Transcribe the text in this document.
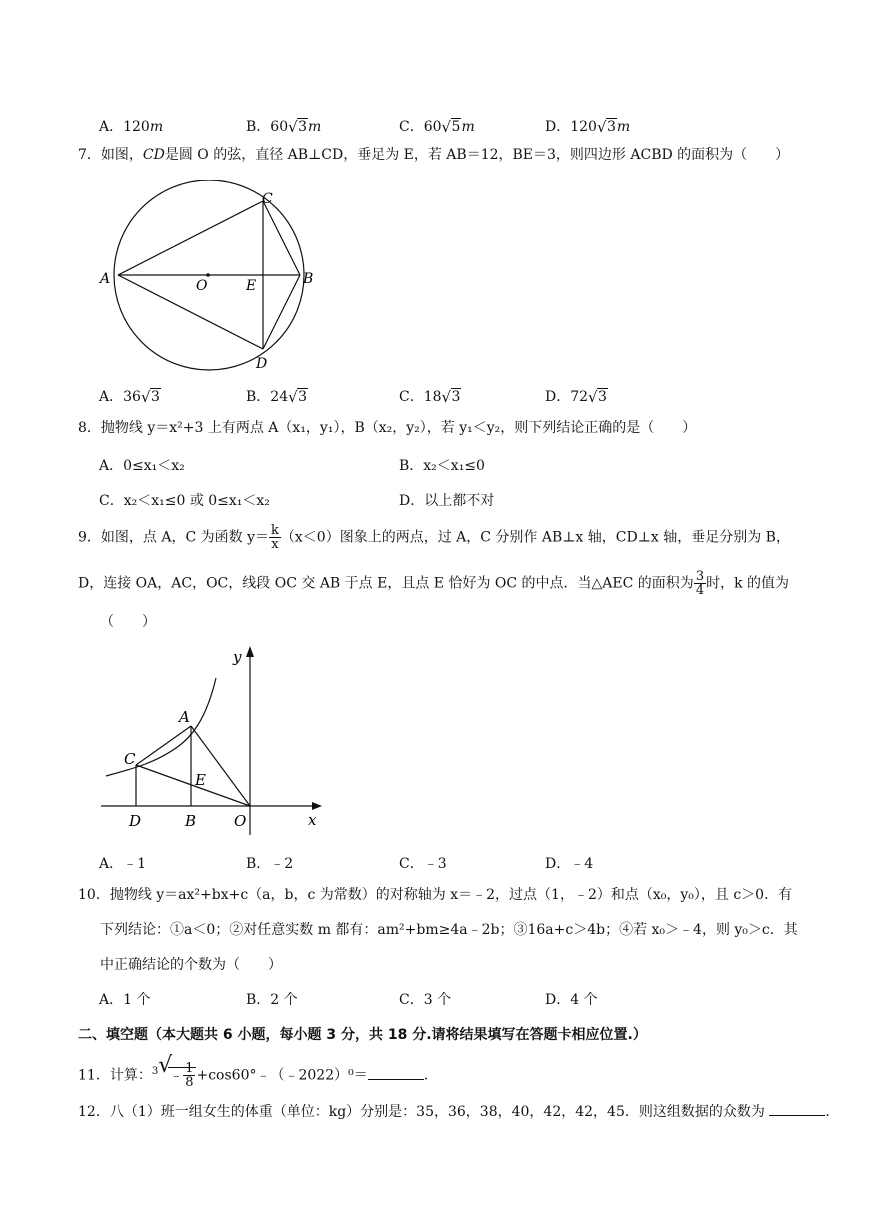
A．120m	B．60 √ 3m	C．60 √ 5m	D．120 √ 3m
7．如图，CD是圆 O 的弦，直径 AB⊥CD，垂足为 E，若 AB＝12，BE＝3，则四边形 ACBD 的面积为（　　）
A	B
C
D
O	E
A．36 √ 3	B．24 √ 3	C．18 √ 3	D．72 √ 3
8．抛物线 y＝x²+3 上有两点 A（x₁，y₁），B（x₂，y₂），若 y₁＜y₂，则下列结论正确的是（　　）
A．0≤x₁＜x₂	B．x₂＜x₁≤0
C．x₂＜x₁≤0 或 0≤x₁＜x₂	D．以上都不对
9．如图，点 A，C 为函数 $y= \frac{k}{x} (x<0)$图象上的两点，过 A，C 分别作 AB⊥x 轴，CD⊥x 轴，垂足分别为 B，
D，连接 OA，AC，OC，线段 OC 交 AB 于点 E，且点 E 恰好为 OC 的中点．当△AEC 的面积为 $\frac{3}{4}$ 时，k 的值为
（　　）
y
x
A
C
E
D	B	O
A．﹣1	B．﹣2	C．﹣3	D．﹣4
10．抛物线 y＝ax²+bx+c（a，b，c 为常数）的对称轴为 x＝﹣2，过点（1，﹣2）和点（x₀，y₀），且 c＞0．有
下列结论：①a＜0；②对任意实数 m 都有：am²+bm≥4a﹣2b；③16a+c＞4b；④若 x₀＞﹣4，则 y₀＞c．其
中正确结论的个数为（　　）
A．1 个	B．2 个	C．3 个	D．4 个
二、填空题（本大题共 6 小题，每小题 3 分，共 18 分.请将结果填写在答题卡相应位置.）
11．计算：$^3$ √
﹣ $\frac{1}{8}$ +cos60°﹣（﹣2022）⁰＝	.
12．八（1）班一组女生的体重（单位：kg）分别是：35，36，38，40，42，42，45．则这组数据的众数为	.
